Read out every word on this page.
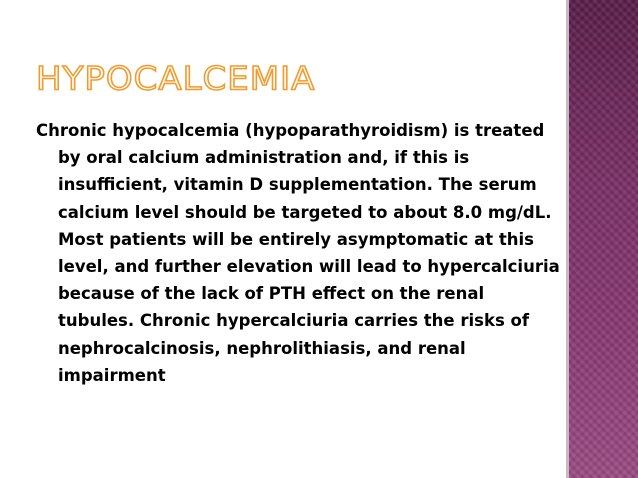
HYPOCALCEMIA

Chronic hypocalcemia (hypoparathyroidism) is treated by oral calcium administration and, if this is insufficient, vitamin D supplementation. The serum calcium level should be targeted to about 8.0 mg/dL. Most patients will be entirely asymptomatic at this level, and further elevation will lead to hypercalciuria because of the lack of PTH effect on the renal tubules. Chronic hypercalciuria carries the risks of nephrocalcinosis, nephrolithiasis, and renal impairment
